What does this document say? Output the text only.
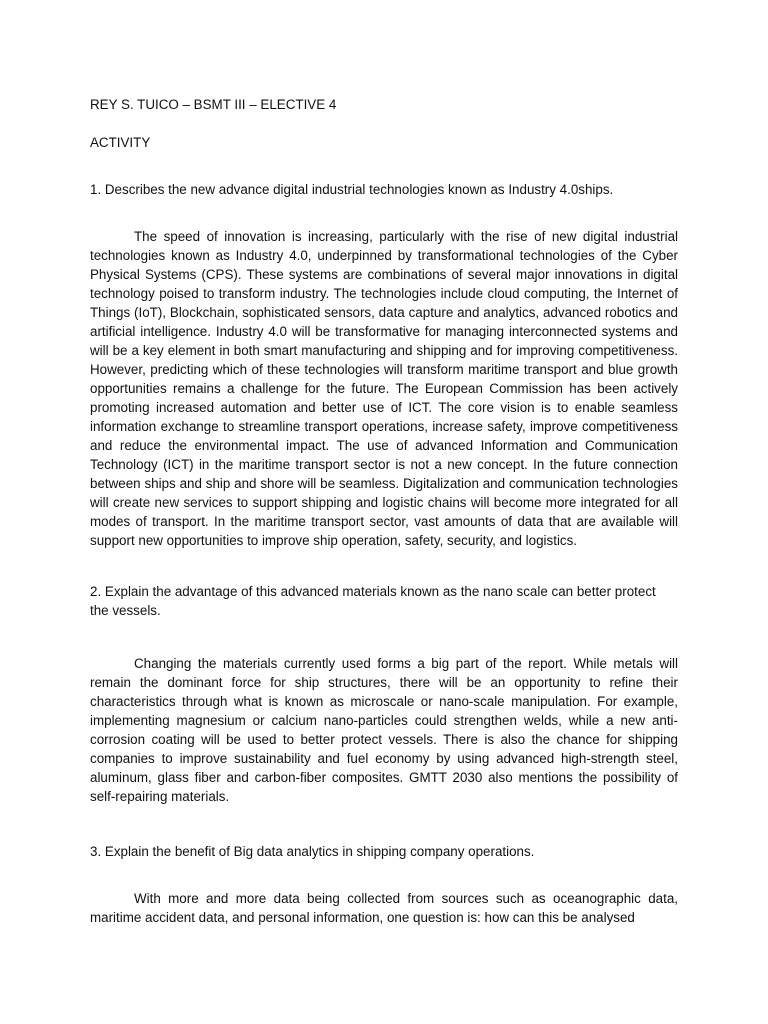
REY S. TUICO – BSMT III – ELECTIVE 4

ACTIVITY

1. Describes the new advance digital industrial technologies known as Industry 4.0ships.

The speed of innovation is increasing, particularly with the rise of new digital industrial technologies known as Industry 4.0, underpinned by transformational technologies of the Cyber Physical Systems (CPS). These systems are combinations of several major innovations in digital technology poised to transform industry. The technologies include cloud computing, the Internet of Things (IoT), Blockchain, sophisticated sensors, data capture and analytics, advanced robotics and artificial intelligence. Industry 4.0 will be transformative for managing interconnected systems and will be a key element in both smart manufacturing and shipping and for improving competitiveness. However, predicting which of these technologies will transform maritime transport and blue growth opportunities remains a challenge for the future. The European Commission has been actively promoting increased automation and better use of ICT. The core vision is to enable seamless information exchange to streamline transport operations, increase safety, improve competitiveness and reduce the environmental impact. The use of advanced Information and Communication Technology (ICT) in the maritime transport sector is not a new concept. In the future connection between ships and ship and shore will be seamless. Digitalization and communication technologies will create new services to support shipping and logistic chains will become more integrated for all modes of transport. In the maritime transport sector, vast amounts of data that are available will support new opportunities to improve ship operation, safety, security, and logistics.

2. Explain the advantage of this advanced materials known as the nano scale can better protect the vessels.

Changing the materials currently used forms a big part of the report. While metals will remain the dominant force for ship structures, there will be an opportunity to refine their characteristics through what is known as microscale or nano-scale manipulation. For example, implementing magnesium or calcium nano-particles could strengthen welds, while a new anti-corrosion coating will be used to better protect vessels. There is also the chance for shipping companies to improve sustainability and fuel economy by using advanced high-strength steel, aluminum, glass fiber and carbon-fiber composites. GMTT 2030 also mentions the possibility of self-repairing materials.

3. Explain the benefit of Big data analytics in shipping company operations.

With more and more data being collected from sources such as oceanographic data, maritime accident data, and personal information, one question is: how can this be analysed
